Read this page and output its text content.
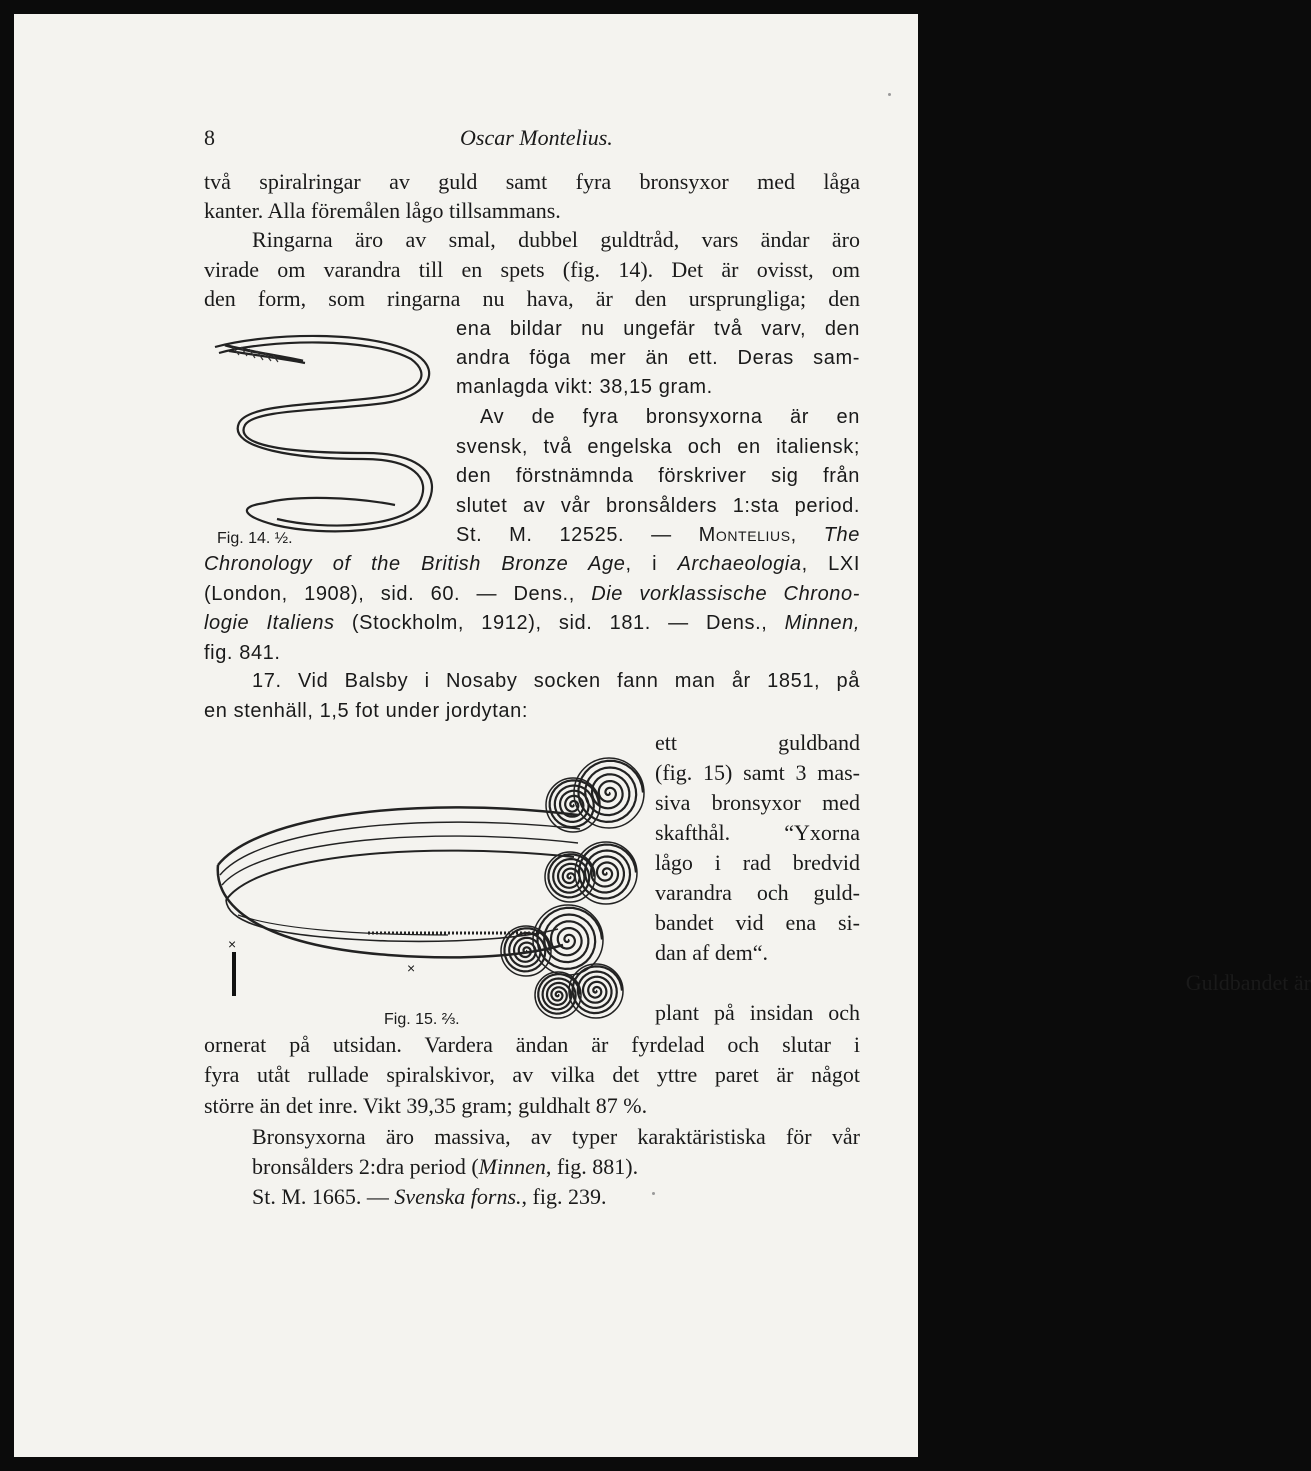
8	Oscar Montelius.
två spiralringar av guld samt fyra bronsyxor med låga
kanter. Alla föremålen lågo tillsammans.
Ringarna äro av smal, dubbel guldtråd, vars ändar äro
virade om varandra till en spets (fig. 14). Det är ovisst, om
den form, som ringarna nu hava, är den ursprungliga; den
ena bildar nu ungefär två varv, den
andra föga mer än ett. Deras sam-
manlagda vikt: 38,15 gram.
Av de fyra bronsyxorna är en
svensk, två engelska och en italiensk;
den förstnämnda förskriver sig från
slutet av vår bronsålders 1:sta period.
St. M. 12525. — Montelius, The
Chronology of the British Bronze Age, i Archaeologia, LXI
(London, 1908), sid. 60. — Dens., Die vorklassische Chrono-
logie Italiens (Stockholm, 1912), sid. 181. — Dens., Minnen,
fig. 841.
17. Vid Balsby i Nosaby socken fann man år 1851, på
en stenhäll, 1,5 fot under jordytan:
ett guldband
(fig. 15) samt 3 mas-
siva bronsyxor med
skafthål. “Yxorna
lågo i rad bredvid
varandra och guld-
bandet vid ena si-
dan af dem“.
Guldbandet är
plant på insidan och
ornerat på utsidan. Vardera ändan är fyrdelad och slutar i
fyra utåt rullade spiralskivor, av vilka det yttre paret är något
större än det inre. Vikt 39,35 gram; guldhalt 87 %.
Bronsyxorna äro massiva, av typer karaktäristiska för vår
bronsålders 2:dra period (Minnen, fig. 881).
St. M. 1665. — Svenska forns., fig. 239.
Fig. 14. ½.
×
×
Fig. 15. ⅔.
